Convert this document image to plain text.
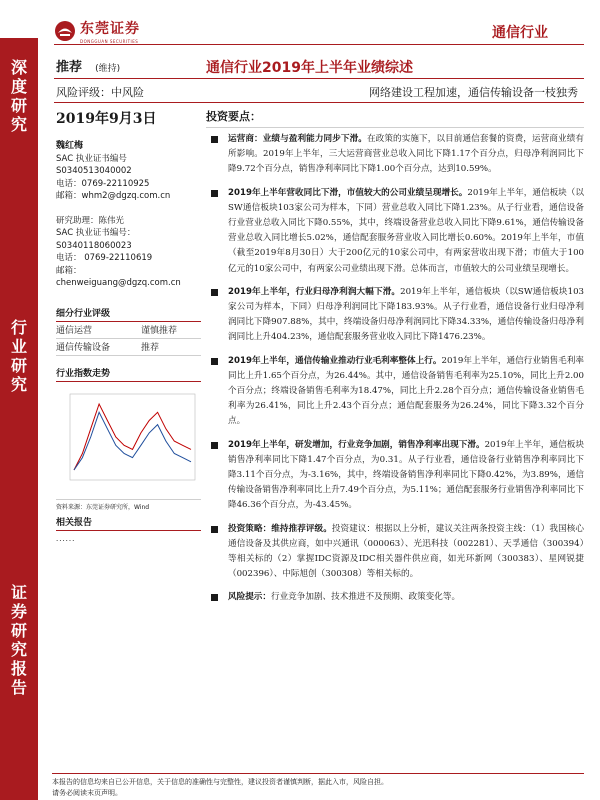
东莞证券
DONGGUAN SECURITIES
通信行业
深度研究
行业研究
证券研究报告
推荐 (维持)	通信行业2019年上半年业绩综述
风险评级：中风险	网络建设工程加速，通信传输设备一枝独秀
2019年9月3日
魏红梅
SAC 执业证书编号
S0340513040002
电话：0769-22110925
邮箱：whm2@dgzq.com.cn
研究助理：陈伟光
SAC 执业证书编号：
S0340118060023
电话： 0769-22110619
邮箱：
chenweiguang@dgzq.com.cn
细分行业评级
通信运营	谨慎推荐
通信传输设备	推荐
行业指数走势
资料来源：东莞证券研究所，Wind
相关报告
......
投资要点：
运营商：业绩与盈利能力同步下滑。在政策的实施下，以目前通信套餐的资费，运营商业绩有所影响。2019年上半年，三大运营商营业总收入同比下降1.17个百分点，归母净利润同比下降9.72个百分点，销售净利率同比下降1.00个百分点，达到10.59%。
2019年上半年营收同比下滑，市值较大的公司业绩呈现增长。2019年上半年，通信板块（以SW通信板块103家公司为样本，下同）营业总收入同比下降1.23%。从子行业看，通信设备行业营业总收入同比下降0.55%，其中，终端设备营业总收入同比下降9.61%，通信传输设备营业总收入同比增长5.02%，通信配套服务营业收入同比增长0.60%。2019年上半年，市值（截至2019年8月30日）大于200亿元的10家公司中，有两家营收出现下滑；市值大于100亿元的10家公司中，有两家公司业绩出现下滑。总体而言，市值较大的公司业绩呈现增长。
2019年上半年，行业归母净利润大幅下滑。2019年上半年，通信板块（以SW通信板块103家公司为样本，下同）归母净利润同比下降183.93%。从子行业看，通信设备行业归母净利润同比下降907.88%，其中，终端设备归母净利润同比下降34.33%，通信传输设备归母净利润同比上升404.23%，通信配套服务营业收入同比下降1476.23%。
2019年上半年，通信传输业推动行业毛利率整体上行。2019年上半年，通信行业销售毛利率同比上升1.65个百分点，为26.44%。其中，通信设备销售毛利率为25.10%，同比上升2.00个百分点；终端设备销售毛利率为18.47%，同比上升2.28个百分点；通信传输设备业销售毛利率为26.41%，同比上升2.43个百分点；通信配套服务为26.24%，同比下降3.32个百分点。
2019年上半年，研发增加，行业竞争加剧，销售净利率出现下滑。2019年上半年，通信板块销售净利率同比下降1.47个百分点，为0.31。从子行业看，通信设备行业销售净利率同比下降3.11个百分点，为-3.16%，其中，终端设备销售净利率同比下降0.42%，为3.89%，通信传输设备销售净利率同比上升7.49个百分点，为5.11%；通信配套服务行业销售净利率同比下降46.36个百分点，为-43.45%。
投资策略：维持推荐评级。投资建议：根据以上分析，建议关注两条投资主线：（1）我国核心通信设备及其供应商，如中兴通讯（000063）、光迅科技（002281）、天孚通信（300394）等相关标的（2）掌握IDC资源及IDC相关器件供应商，如光环新网（300383）、星网锐捷（002396）、中际旭创（300308）等相关标的。
风险提示：行业竞争加剧、技术推进不及预期、政策变化等。
本报告的信息均来自已公开信息，关于信息的准确性与完整性，建议投资者谨慎判断，据此入市，风险自担。
请务必阅读末页声明。
